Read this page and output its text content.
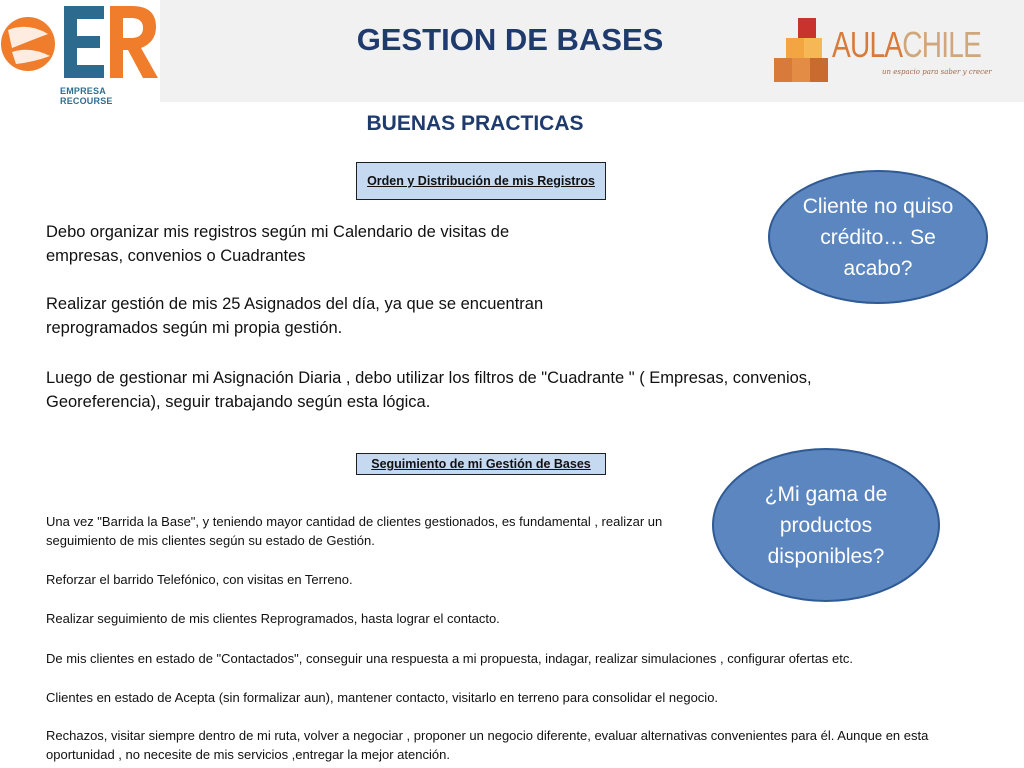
EMPRESA RECOURSE
GESTION DE BASES	AULACHILE
un espacio para saber y crecer
BUENAS PRACTICAS
Orden y Distribución de mis Registros
Debo organizar mis registros según mi Calendario de visitas de empresas, convenios o Cuadrantes
Realizar gestión de mis 25 Asignados del día, ya que se encuentran reprogramados según mi propia gestión.
Luego de gestionar mi Asignación Diaria , debo utilizar los filtros de "Cuadrante " ( Empresas, convenios, Georeferencia), seguir trabajando según esta lógica.
Seguimiento de mi Gestión de Bases
Una vez "Barrida la Base", y teniendo mayor cantidad de clientes gestionados, es fundamental , realizar un seguimiento de mis clientes según su estado de Gestión.
Reforzar el barrido Telefónico, con visitas en Terreno.
Realizar seguimiento de mis clientes Reprogramados, hasta lograr el contacto.
De mis clientes en estado de "Contactados", conseguir una respuesta a mi propuesta, indagar, realizar simulaciones , configurar ofertas etc.
Clientes en estado de Acepta (sin formalizar aun), mantener contacto, visitarlo en terreno para consolidar el negocio.
Rechazos, visitar siempre dentro de mi ruta, volver a negociar , proponer un negocio diferente, evaluar alternativas convenientes para él. Aunque en esta oportunidad , no necesite de mis servicios ,entregar la mejor atención.
Cliente no quiso crédito… Se acabo?
¿Mi gama de productos disponibles?
